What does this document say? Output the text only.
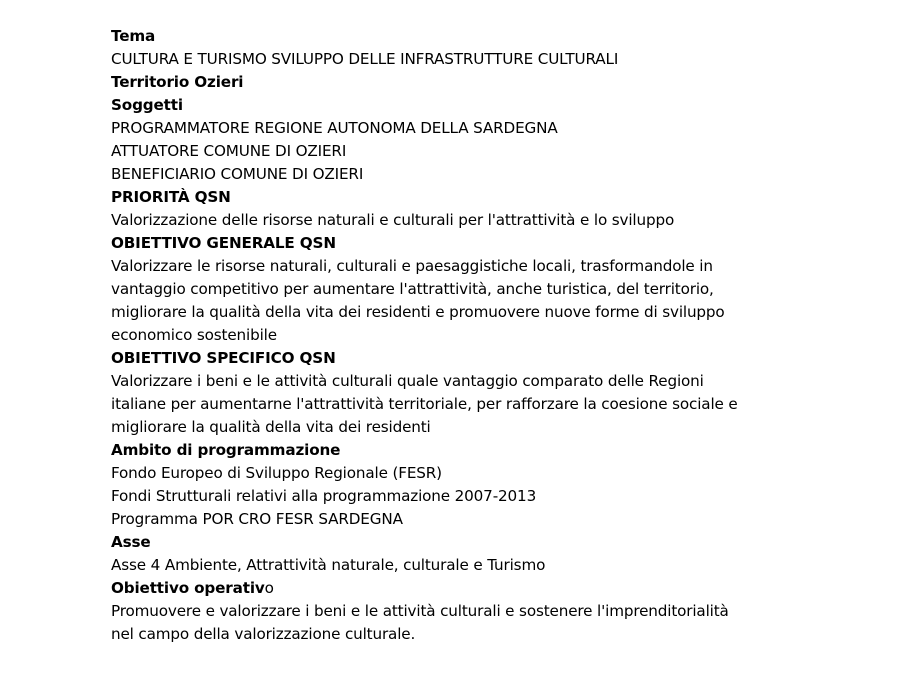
Tema
CULTURA E TURISMO SVILUPPO DELLE INFRASTRUTTURE CULTURALI
Territorio Ozieri
Soggetti
PROGRAMMATORE REGIONE AUTONOMA DELLA SARDEGNA
ATTUATORE COMUNE DI OZIERI
BENEFICIARIO COMUNE DI OZIERI
PRIORITÀ QSN
Valorizzazione delle risorse naturali e culturali per l'attrattività e lo sviluppo
OBIETTIVO GENERALE QSN
Valorizzare le risorse naturali, culturali e paesaggistiche locali, trasformandole in
vantaggio competitivo per aumentare l'attrattività, anche turistica, del territorio,
migliorare la qualità della vita dei residenti e promuovere nuove forme di sviluppo
economico sostenibile
OBIETTIVO SPECIFICO QSN
Valorizzare i beni e le attività culturali quale vantaggio comparato delle Regioni
italiane per aumentarne l'attrattività territoriale, per rafforzare la coesione sociale e
migliorare la qualità della vita dei residenti
Ambito di programmazione
Fondo Europeo di Sviluppo Regionale (FESR)
Fondi Strutturali relativi alla programmazione 2007-2013
Programma POR CRO FESR SARDEGNA
Asse
Asse 4 Ambiente, Attrattività naturale, culturale e Turismo
Obiettivo operativo
Promuovere e valorizzare i beni e le attività culturali e sostenere l'imprenditorialità
nel campo della valorizzazione culturale.
